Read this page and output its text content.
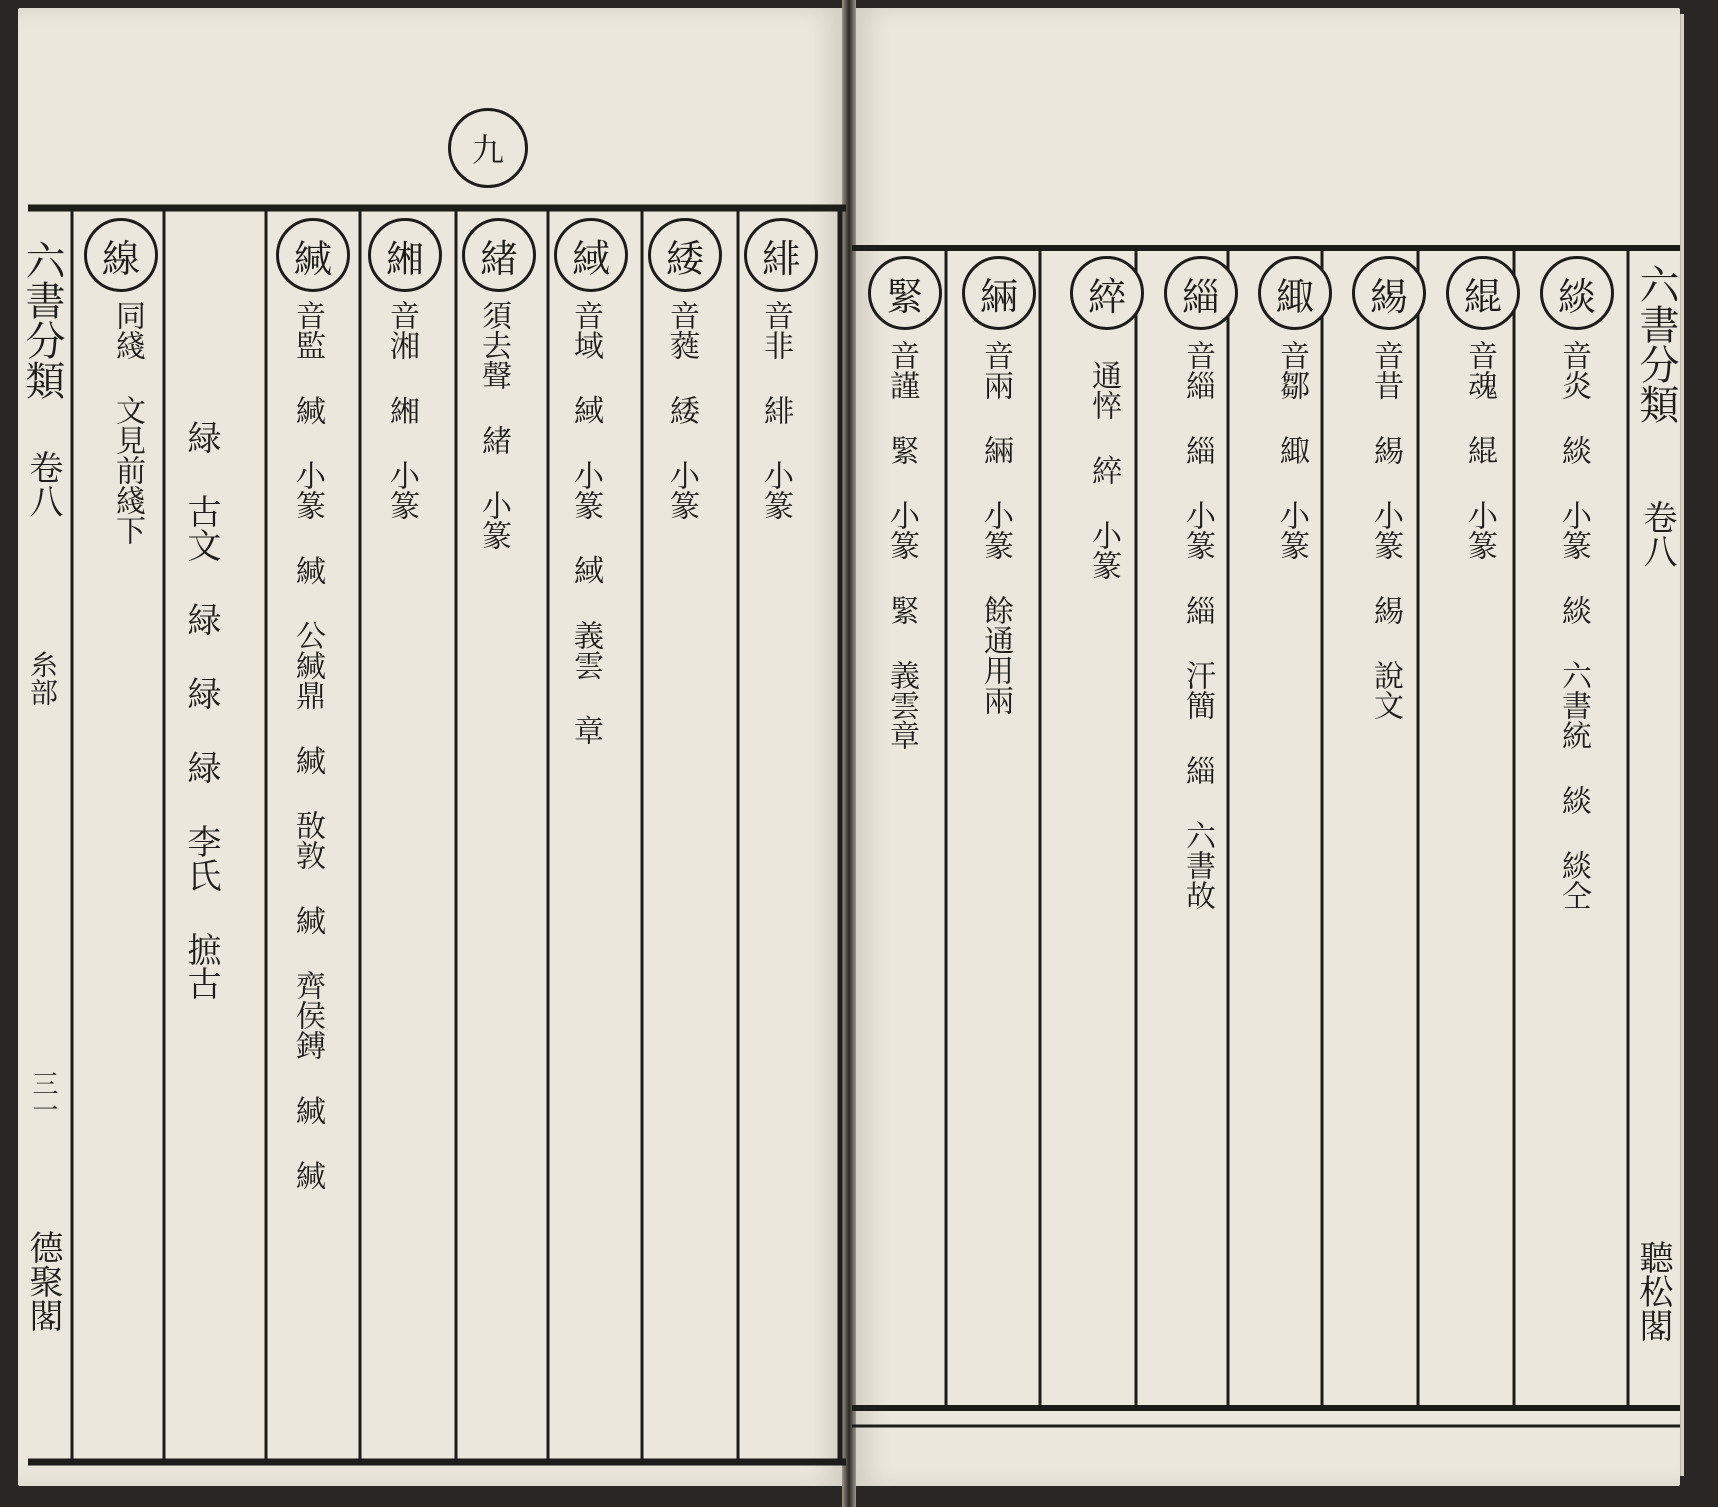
九
六書分類
卷八
糸部
三一
德聚閣
緋
音非 緋 小篆
緌
音蕤 緌 小篆
緎
音域 緎 小篆 緎 義雲 章
緒
須去聲 緒 小篆
緗
音湘 緗 小篆
緘
音監 緘 小篆 緘 公緘鼎 緘 敔敦 緘 齊侯鎛 緘 緘
緑 古文 緑 緑 緑 李氏 摭古
線
同綫 文見前綫下	六書分類
卷八
聽松閣
緂
音炎 緂 小篆 緂 六書統 緂 緂仝
緄
音魂 緄 小篆
緆
音昔 緆 小篆 緆 說文
緅
音鄒 緅 小篆
緇
音緇 緇 小篆 緇 汗簡 緇 六書故
綷
通悴 綷 小篆
緉
音兩 緉 小篆 餘通用兩
緊
音謹 緊 小篆 緊 義雲章
